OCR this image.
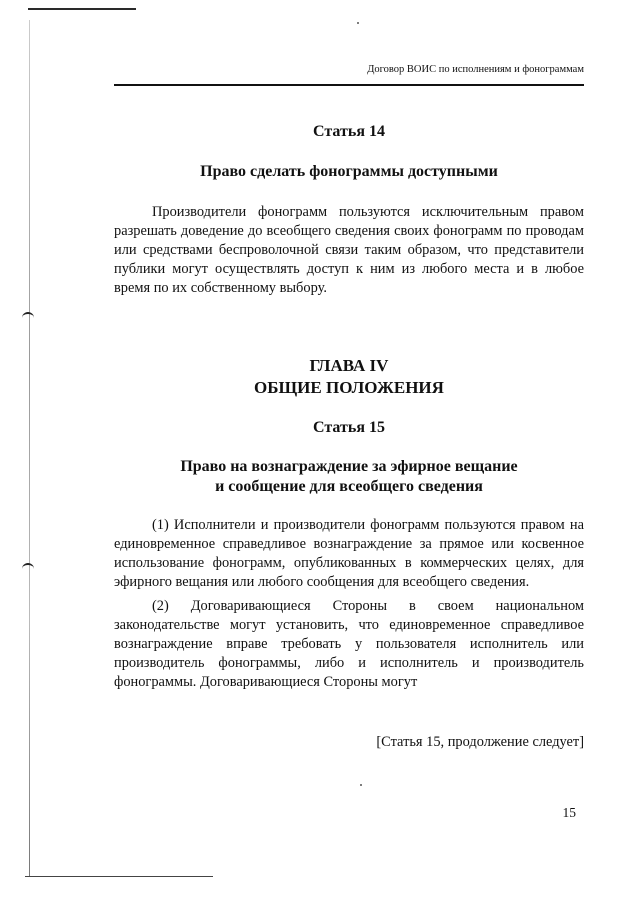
Договор ВОИС по исполнениям и фонограммам
Статья 14
Право сделать фонограммы доступными

Производители фонограмм пользуются исключительным правом разрешать доведение до всеобщего сведения своих фонограмм по проводам или средствами беспроволочной связи таким образом, что представители публики могут осуществлять доступ к ним из любого места и в любое время по их собственному выбору.

ГЛАВА IV
ОБЩИЕ ПОЛОЖЕНИЯ
Статья 15
Право на вознаграждение за эфирное вещание
и сообщение для всеобщего сведения

(1) Исполнители и производители фонограмм пользуются правом на единовременное справедливое вознаграждение за прямое или косвенное использование фонограмм, опубликованных в коммерческих целях, для эфирного вещания или любого сообщения для всеобщего сведения.

(2) Договаривающиеся Стороны в своем национальном законодательстве могут установить, что единовременное справедливое вознаграждение вправе требовать у пользователя исполнитель или производитель фонограммы, либо и исполнитель и производитель фонограммы. Договаривающиеся Стороны могут

[Статья 15, продолжение следует]
15
